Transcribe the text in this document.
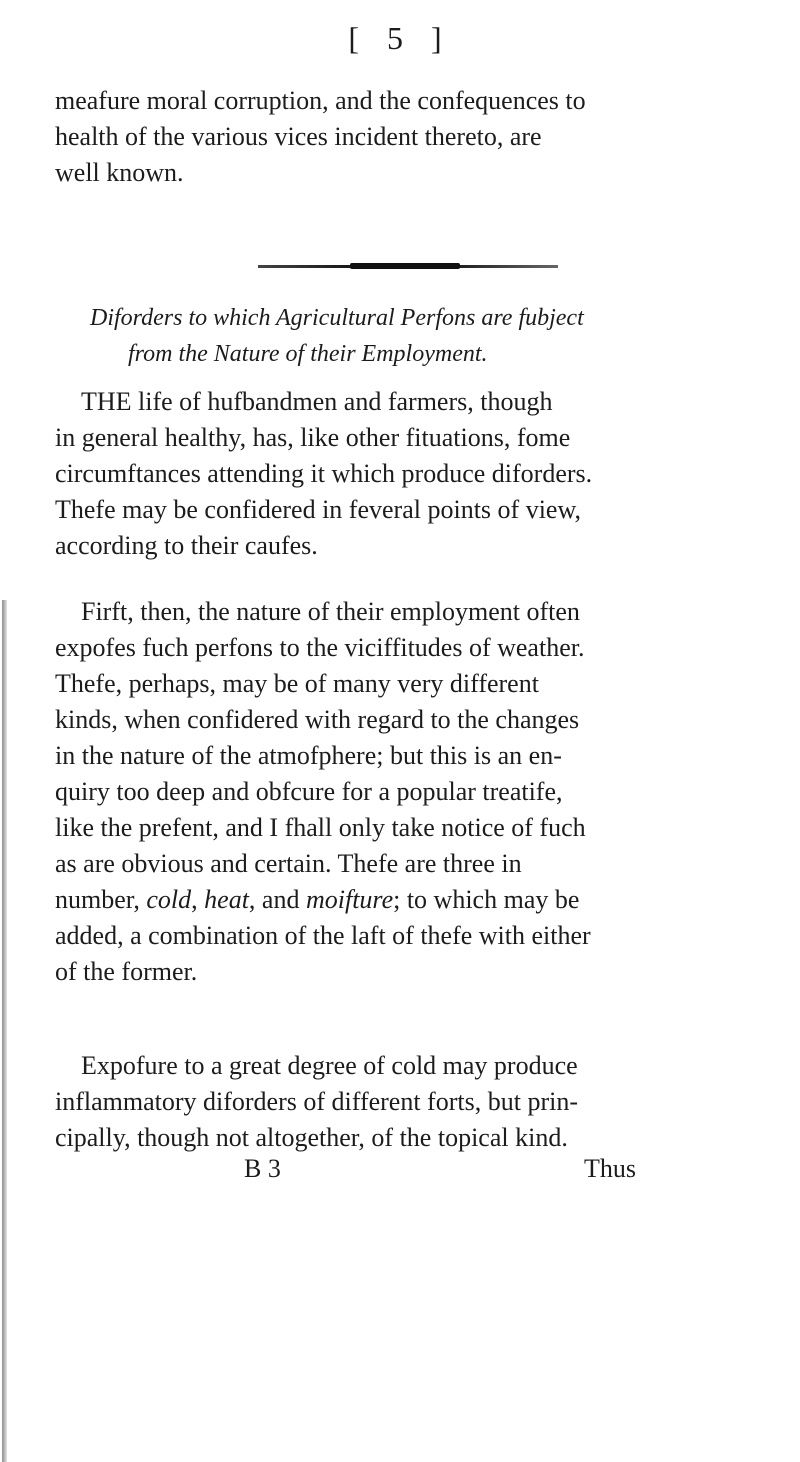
[ 5 ]

meafure moral corruption, and the confequences to
health of the various vices incident thereto, are
well known.

Diforders to which Agricultural Perfons are fubject
from the Nature of their Employment.

THE life of hufbandmen and farmers, though
in general healthy, has, like other fituations, fome
circumftances attending it which produce diforders.
Thefe may be confidered in feveral points of view,
according to their caufes.

Firft, then, the nature of their employment often
expofes fuch perfons to the viciffitudes of weather.
Thefe, perhaps, may be of many very different
kinds, when confidered with regard to the changes
in the nature of the atmofphere; but this is an en-
quiry too deep and obfcure for a popular treatife,
like the prefent, and I fhall only take notice of fuch
as are obvious and certain. Thefe are three in
number, cold, heat, and moifture; to which may be
added, a combination of the laft of thefe with either
of the former.

Expofure to a great degree of cold may produce
inflammatory diforders of different forts, but prin-
cipally, though not altogether, of the topical kind.

B 3	Thus
